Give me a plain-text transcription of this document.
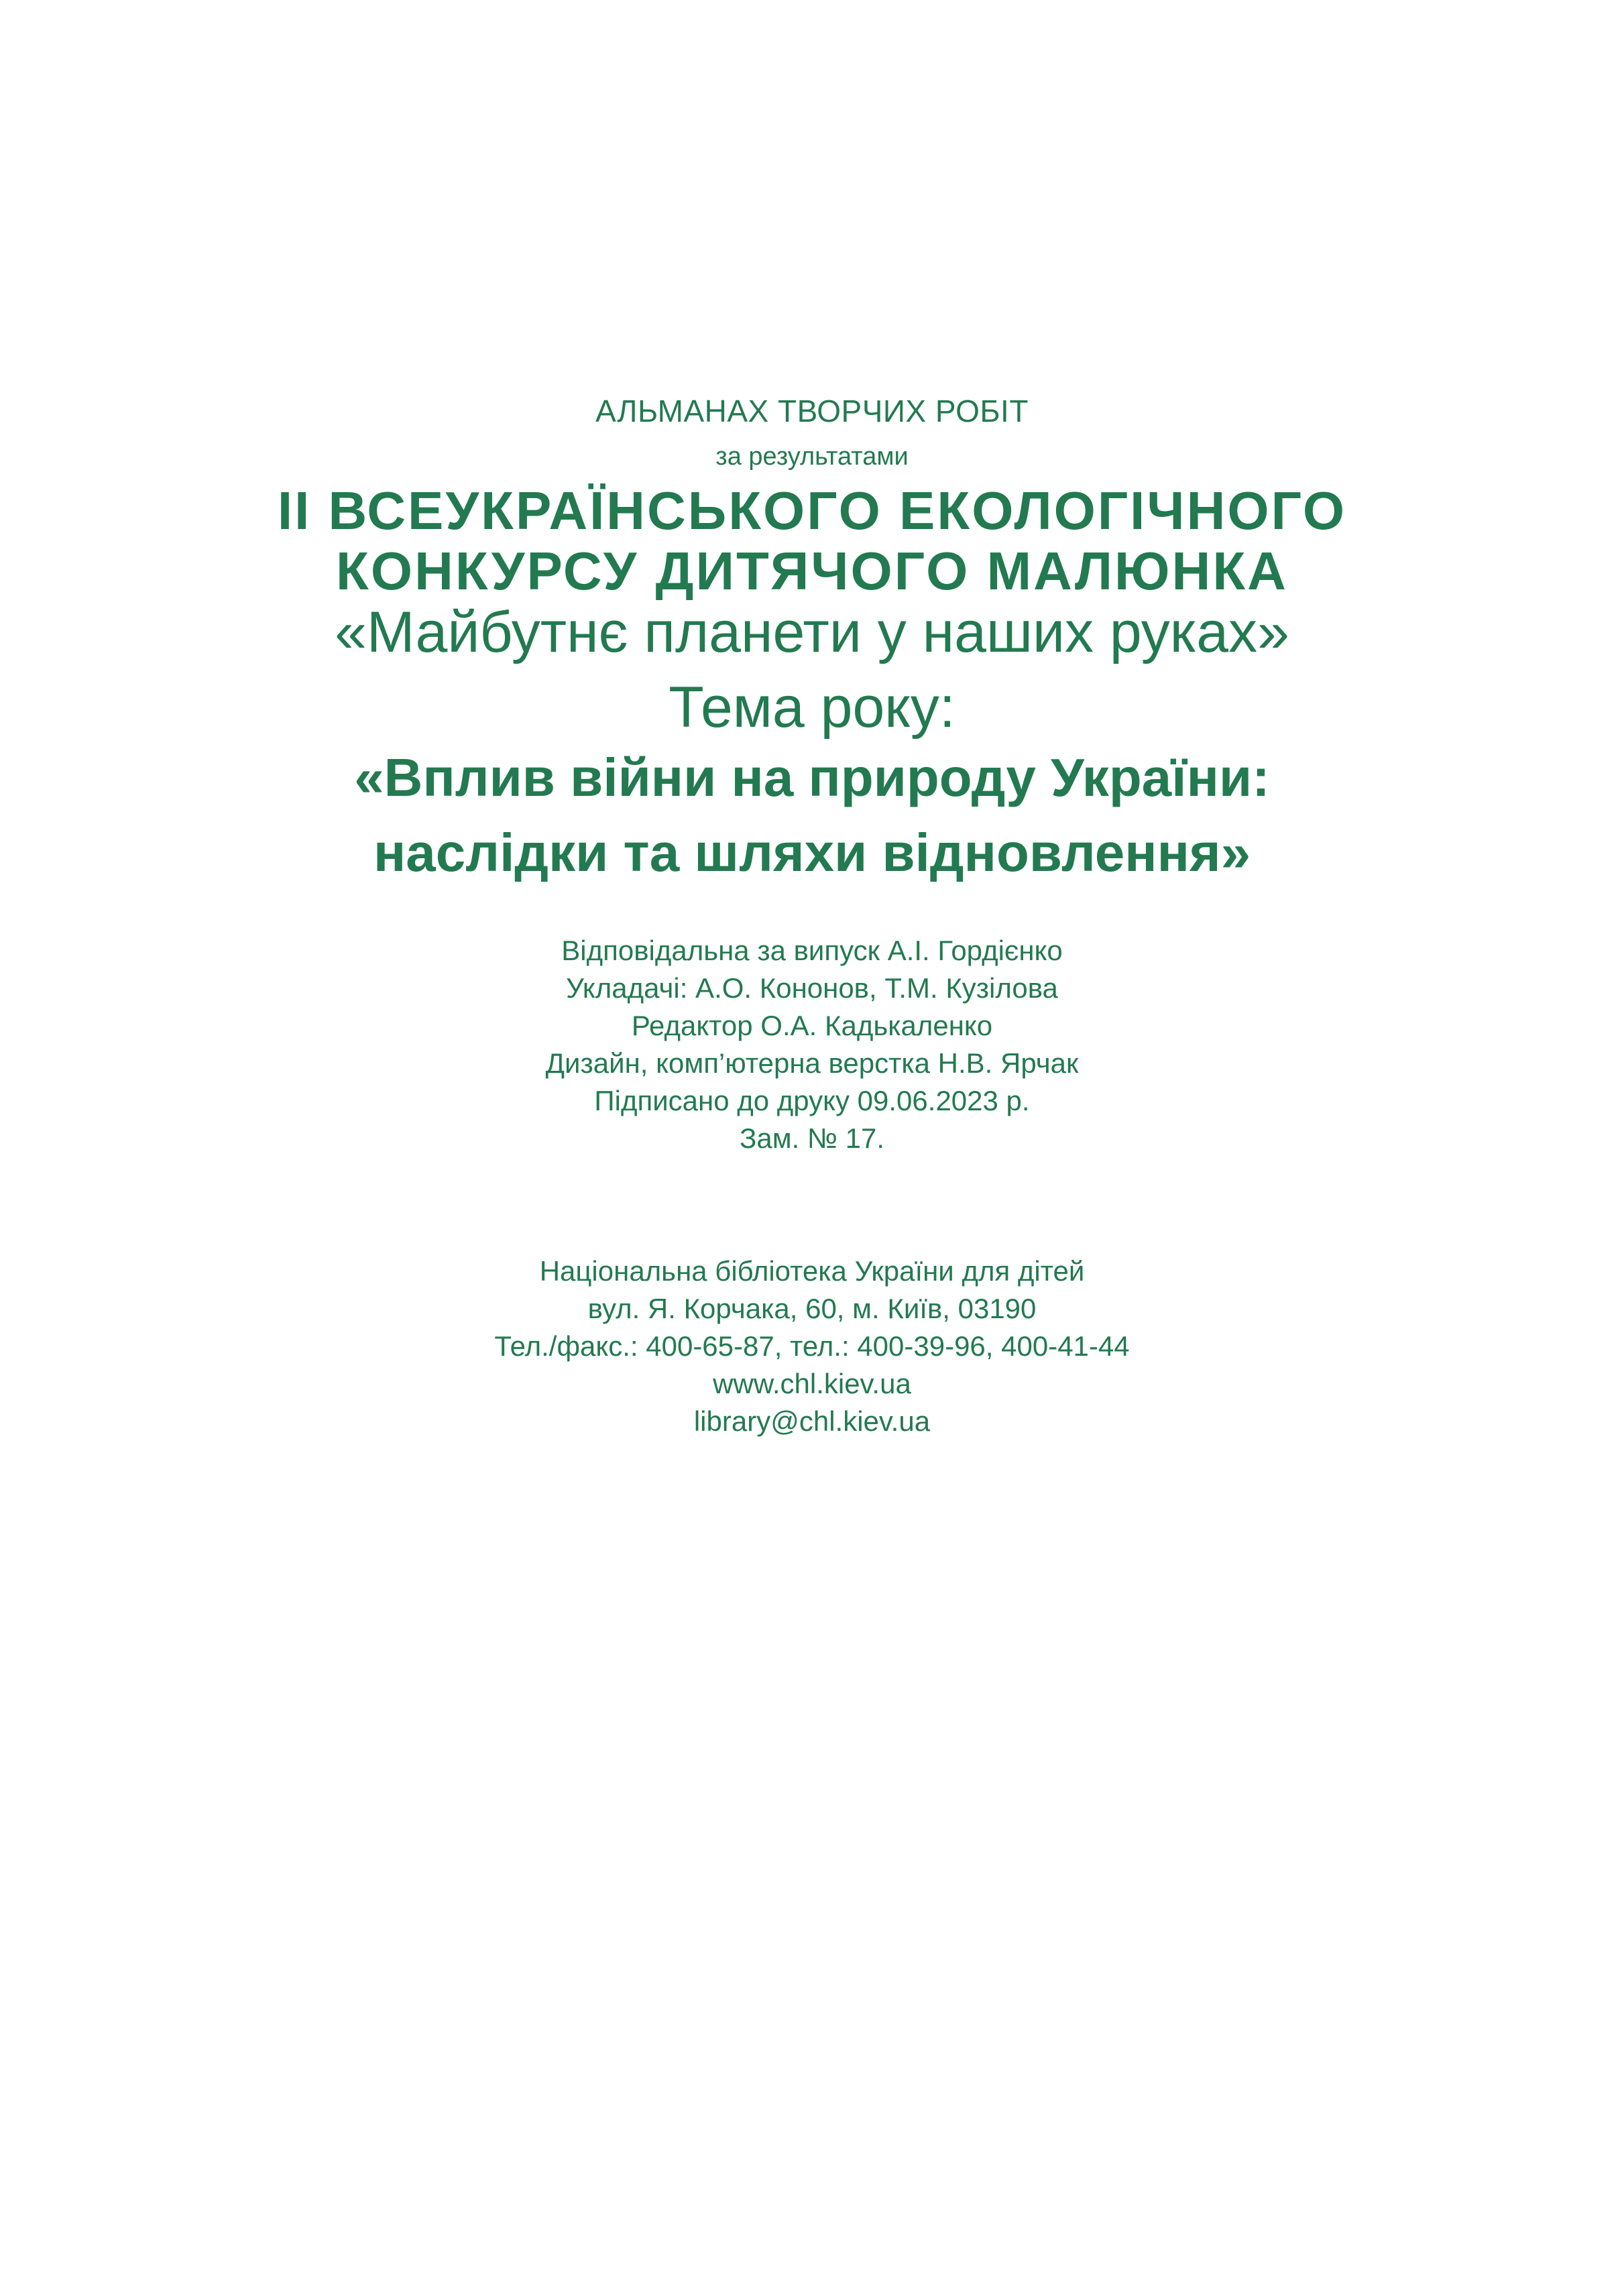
АЛЬМАНАХ ТВОРЧИХ РОБІТ

за результатами

ІІ ВСЕУКРАЇНСЬКОГО ЕКОЛОГІЧНОГО

КОНКУРСУ ДИТЯЧОГО МАЛЮНКА

«Майбутнє планети у наших руках»

Тема року:

«Вплив війни на природу України:

наслідки та шляхи відновлення»

Відповідальна за випуск А.І. Гордієнко
Укладачі: А.О. Кононов, Т.М. Кузілова
Редактор О.А. Кадькаленко
Дизайн, комп’ютерна верстка Н.В. Ярчак
Підписано до друку 09.06.2023 р.
Зам. № 17.
Національна бібліотека України для дітей
вул. Я. Корчака, 60, м. Київ, 03190
Тел./факс.: 400-65-87, тел.: 400-39-96, 400-41-44
www.chl.kiev.ua
library@chl.kiev.ua
